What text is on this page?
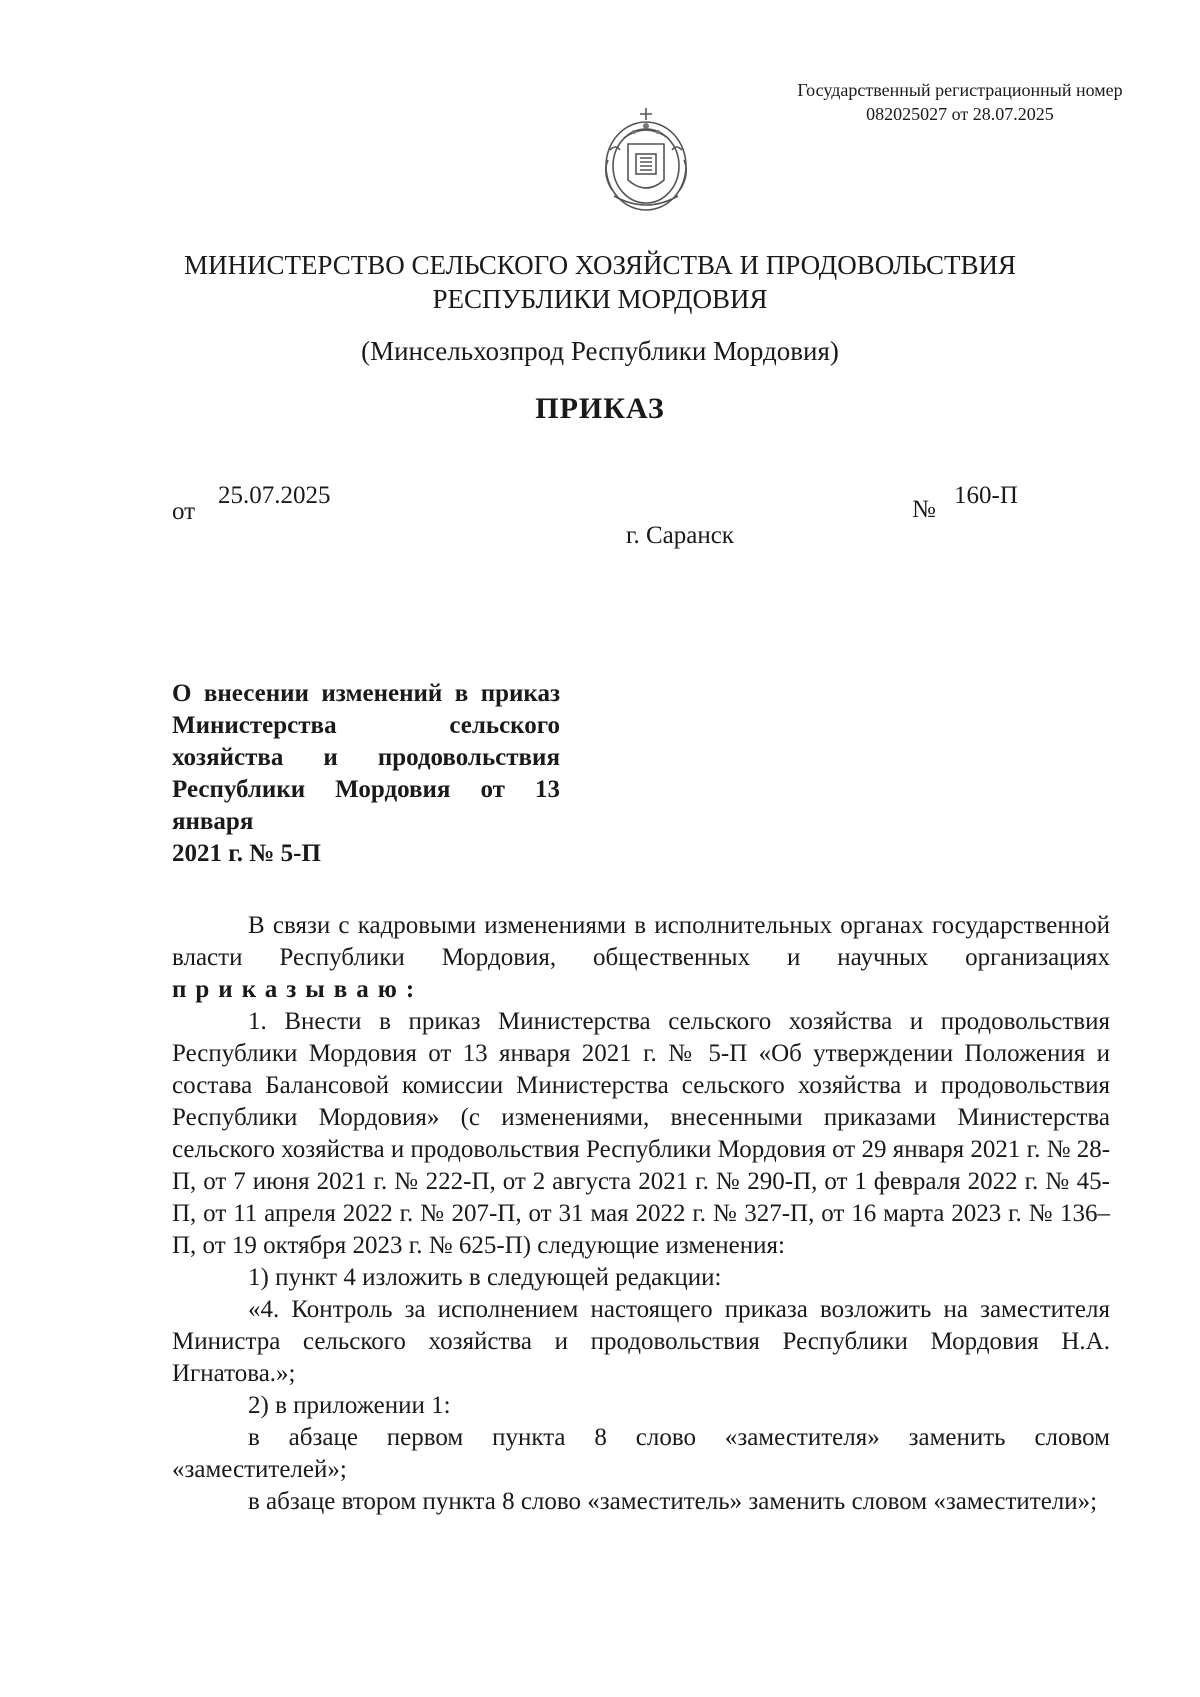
Государственный регистрационный номер
082025027 от 28.07.2025
МИНИСТЕРСТВО СЕЛЬСКОГО ХОЗЯЙСТВА И ПРОДОВОЛЬСТВИЯ
РЕСПУБЛИКИ МОРДОВИЯ
(Минсельхозпрод Республики Мордовия)
ПРИКАЗ
от
25.07.2025
№
160-П
г. Саранск
О внесении изменений в приказ Министерства сельского хозяйства и продовольствия Республики Мордовия от 13 января
2021 г. № 5-П

В связи с кадровыми изменениями в исполнительных органах государственной власти Республики Мордовия, общественных и научных организациях приказываю:

1. Внести в приказ Министерства сельского хозяйства и продовольствия Республики Мордовия от 13 января 2021 г. № 5-П «Об утверждении Положения и состава Балансовой комиссии Министерства сельского хозяйства и продовольствия Республики Мордовия» (с изменениями, внесенными приказами Министерства сельского хозяйства и продовольствия Республики Мордовия от 29 января 2021 г. № 28-П, от 7 июня 2021 г. № 222-П, от 2 августа 2021 г. № 290-П, от 1 февраля 2022 г. № 45-П, от 11 апреля 2022 г. № 207-П, от 31 мая 2022 г. № 327-П, от 16 марта 2023 г. № 136–П, от 19 октября 2023 г. № 625-П) следующие изменения:

1) пункт 4 изложить в следующей редакции:

«4. Контроль за исполнением настоящего приказа возложить на заместителя Министра сельского хозяйства и продовольствия Республики Мордовия Н.А. Игнатова.»;

2) в приложении 1:

в абзаце первом пункта 8 слово «заместителя» заменить словом «заместителей»;

в абзаце втором пункта 8 слово «заместитель» заменить словом «заместители»;
